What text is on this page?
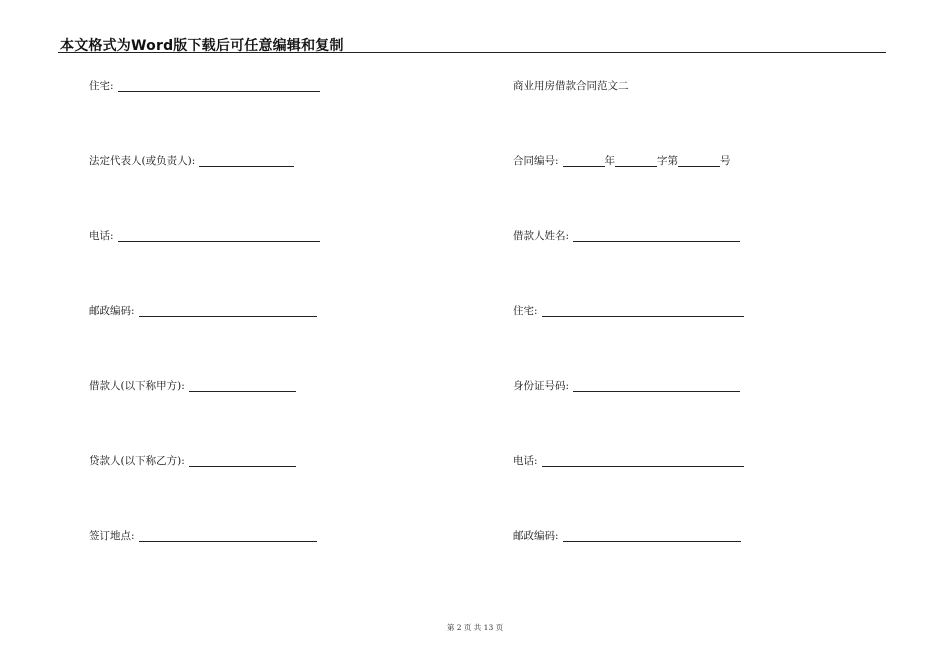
本文格式为Word版下载后可任意编辑和复制
住宅:
法定代表人(或负责人):
电话:
邮政编码:
借款人(以下称甲方):
贷款人(以下称乙方):
签订地点:
商业用房借款合同范文二
合同编号:	年	字第	号
借款人姓名:
住宅:
身份证号码:
电话:
邮政编码:
第 2 页 共 13 页
